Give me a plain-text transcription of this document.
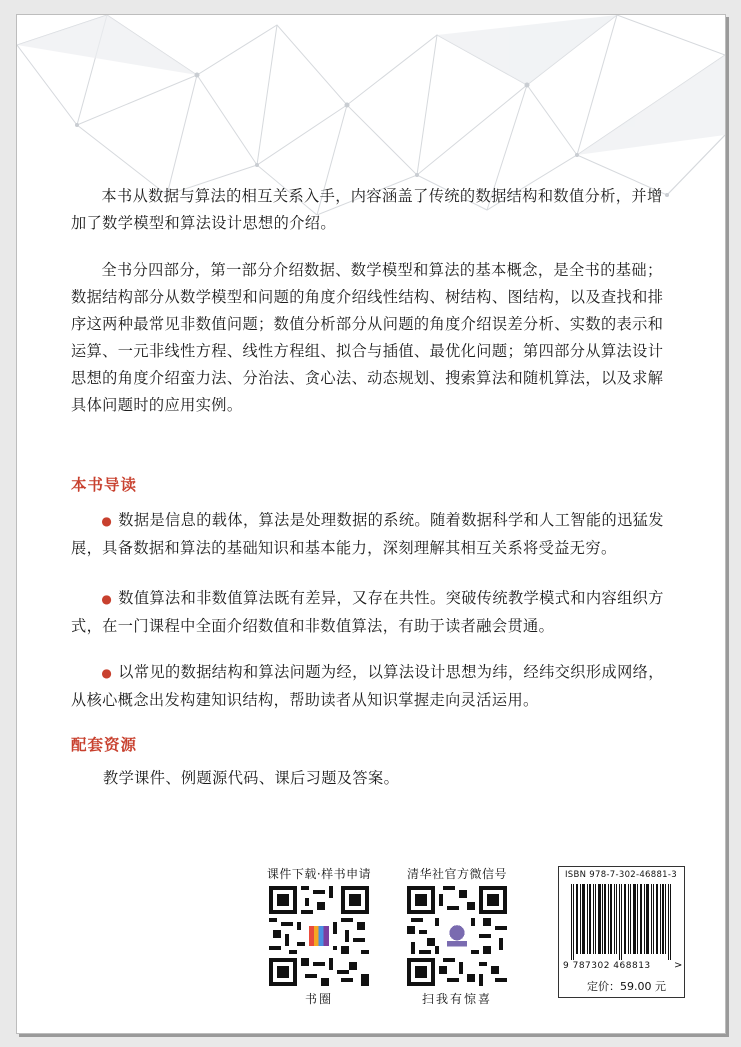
本书从数据与算法的相互关系入手，内容涵盖了传统的数据结构和数值分析，并增加了数学模型和算法设计思想的介绍。
全书分四部分，第一部分介绍数据、数学模型和算法的基本概念，是全书的基础；数据结构部分从数学模型和问题的角度介绍线性结构、树结构、图结构，以及查找和排序这两种最常见非数值问题；数值分析部分从问题的角度介绍误差分析、实数的表示和运算、一元非线性方程、线性方程组、拟合与插值、最优化问题；第四部分从算法设计思想的角度介绍蛮力法、分治法、贪心法、动态规划、搜索算法和随机算法，以及求解具体问题时的应用实例。
本书导读
● 数据是信息的载体，算法是处理数据的系统。随着数据科学和人工智能的迅猛发展，具备数据和算法的基础知识和基本能力，深刻理解其相互关系将受益无穷。
● 数值算法和非数值算法既有差异，又存在共性。突破传统教学模式和内容组织方式，在一门课程中全面介绍数值和非数值算法，有助于读者融会贯通。
● 以常见的数据结构和算法问题为经，以算法设计思想为纬，经纬交织形成网络，从核心概念出发构建知识结构，帮助读者从知识掌握走向灵活运用。
配套资源
教学课件、例题源代码、课后习题及答案。
课件下载·样书申请
书圈
清华社官方微信号
扫我有惊喜
ISBN 978-7-302-46881-3
9 787302 468813 >
定价：59.00 元
